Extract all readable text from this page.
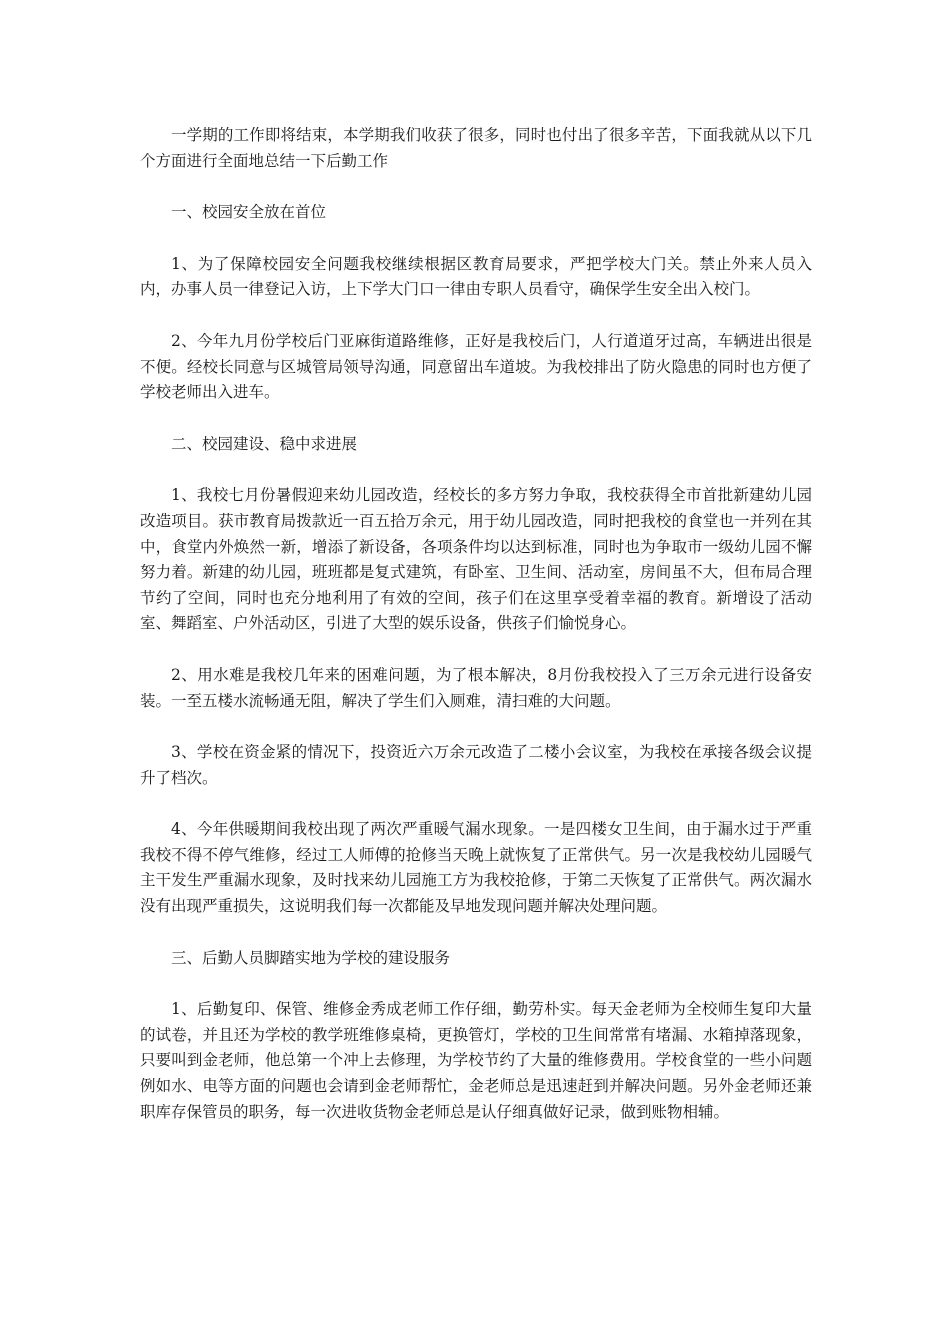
一学期的工作即将结束，本学期我们收获了很多，同时也付出了很多辛苦，下面我就从以下几个方面进行全面地总结一下后勤工作

一、校园安全放在首位

1、为了保障校园安全问题我校继续根据区教育局要求，严把学校大门关。禁止外来人员入内，办事人员一律登记入访，上下学大门口一律由专职人员看守，确保学生安全出入校门。

2、今年九月份学校后门亚麻街道路维修，正好是我校后门，人行道道牙过高，车辆进出很是不便。经校长同意与区城管局领导沟通，同意留出车道坡。为我校排出了防火隐患的同时也方便了学校老师出入进车。

二、校园建设、稳中求进展

1、我校七月份暑假迎来幼儿园改造，经校长的多方努力争取，我校获得全市首批新建幼儿园改造项目。获市教育局拨款近一百五拾万余元，用于幼儿园改造，同时把我校的食堂也一并列在其中，食堂内外焕然一新，增添了新设备，各项条件均以达到标准，同时也为争取市一级幼儿园不懈努力着。新建的幼儿园，班班都是复式建筑，有卧室、卫生间、活动室，房间虽不大，但布局合理节约了空间，同时也充分地利用了有效的空间，孩子们在这里享受着幸福的教育。新增设了活动室、舞蹈室、户外活动区，引进了大型的娱乐设备，供孩子们愉悦身心。

2、用水难是我校几年来的困难问题，为了根本解决，8月份我校投入了三万余元进行设备安装。一至五楼水流畅通无阻，解决了学生们入厕难，清扫难的大问题。

3、学校在资金紧的情况下，投资近六万余元改造了二楼小会议室，为我校在承接各级会议提升了档次。

4、今年供暖期间我校出现了两次严重暖气漏水现象。一是四楼女卫生间，由于漏水过于严重我校不得不停气维修，经过工人师傅的抢修当天晚上就恢复了正常供气。另一次是我校幼儿园暖气主干发生严重漏水现象，及时找来幼儿园施工方为我校抢修，于第二天恢复了正常供气。两次漏水没有出现严重损失，这说明我们每一次都能及早地发现问题并解决处理问题。

三、后勤人员脚踏实地为学校的建设服务

1、后勤复印、保管、维修金秀成老师工作仔细，勤劳朴实。每天金老师为全校师生复印大量的试卷，并且还为学校的教学班维修桌椅，更换管灯，学校的卫生间常常有堵漏、水箱掉落现象，只要叫到金老师，他总第一个冲上去修理，为学校节约了大量的维修费用。学校食堂的一些小问题例如水、电等方面的问题也会请到金老师帮忙，金老师总是迅速赶到并解决问题。另外金老师还兼职库存保管员的职务，每一次进收货物金老师总是认仔细真做好记录，做到账物相辅。
